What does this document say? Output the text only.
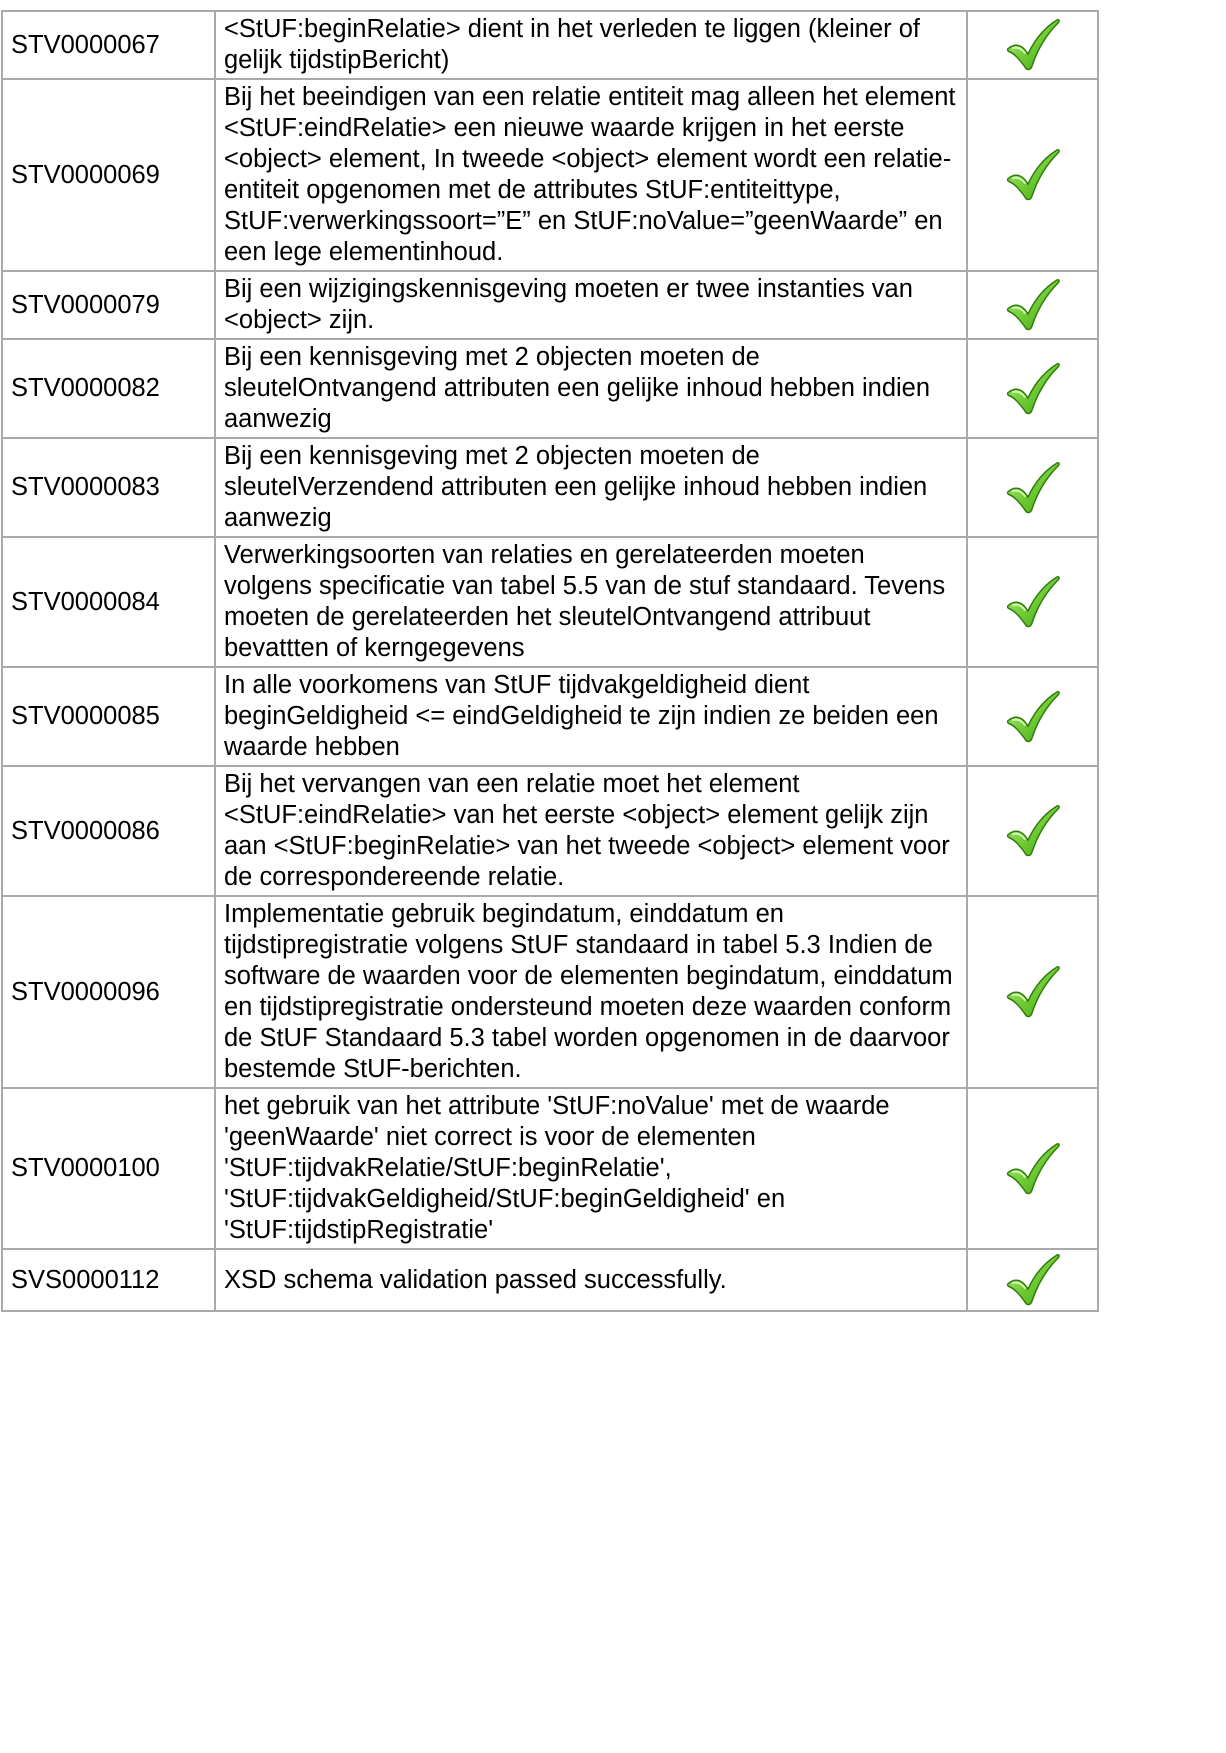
STV0000067	<StUF:beginRelatie> dient in het verleden te liggen (kleiner of gelijk tijdstipBericht)	

STV0000069	Bij het beeindigen van een relatie entiteit mag alleen het element <StUF:eindRelatie> een nieuwe waarde krijgen in het eerste <object> element, In tweede <object> element wordt een relatie-entiteit opgenomen met de attributes StUF:entiteittype, StUF:verwerkingssoort=”E” en StUF:noValue=”geenWaarde” en een lege elementinhoud.	

STV0000079	Bij een wijzigingskennisgeving moeten er twee instanties van <object> zijn.	

STV0000082	Bij een kennisgeving met 2 objecten moeten de sleutelOntvangend attributen een gelijke inhoud hebben indien aanwezig	

STV0000083	Bij een kennisgeving met 2 objecten moeten de sleutelVerzendend attributen een gelijke inhoud hebben indien aanwezig	

STV0000084	Verwerkingsoorten van relaties en gerelateerden moeten volgens specificatie van tabel 5.5 van de stuf standaard. Tevens moeten de gerelateerden het sleutelOntvangend attribuut bevattten of kerngegevens	

STV0000085	In alle voorkomens van StUF tijdvakgeldigheid dient beginGeldigheid <= eindGeldigheid te zijn indien ze beiden een waarde hebben	

STV0000086	Bij het vervangen van een relatie moet het element <StUF:eindRelatie> van het eerste <object> element gelijk zijn aan <StUF:beginRelatie> van het tweede <object> element voor de correspondereende relatie.	

STV0000096	Implementatie gebruik begindatum, einddatum en tijdstipregistratie volgens StUF standaard in tabel 5.3 Indien de software de waarden voor de elementen begindatum, einddatum en tijdstipregistratie ondersteund moeten deze waarden conform de StUF Standaard 5.3 tabel worden opgenomen in de daarvoor bestemde StUF-berichten.	

STV0000100	het gebruik van het attribute 'StUF:noValue' met de waarde 'geenWaarde' niet correct is voor de elementen 'StUF:tijdvakRelatie/StUF:beginRelatie', 'StUF:tijdvakGeldigheid/StUF:beginGeldigheid' en 'StUF:tijdstipRegistratie'	

SVS0000112	XSD schema validation passed successfully.	
